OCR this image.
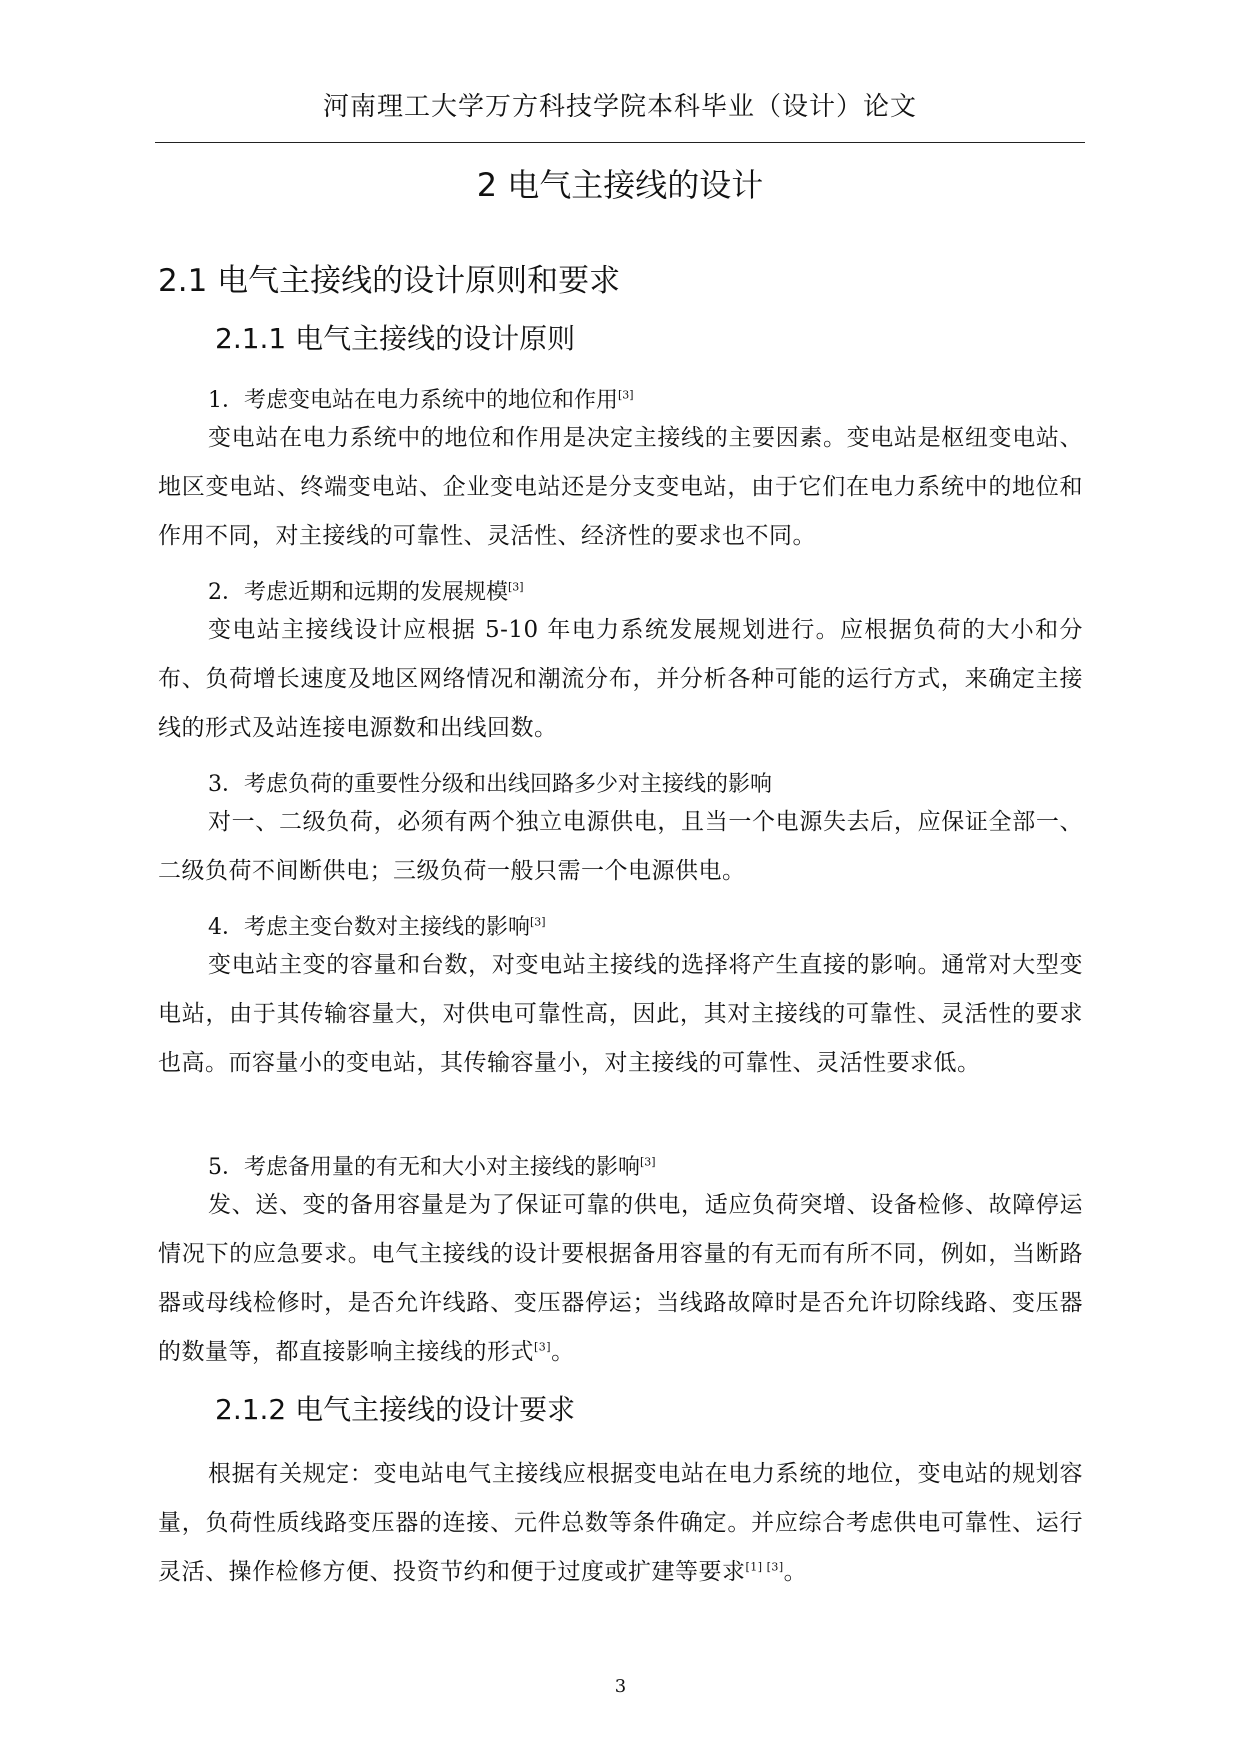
河南理工大学万方科技学院本科毕业（设计）论文
2 电气主接线的设计
2.1 电气主接线的设计原则和要求
2.1.1 电气主接线的设计原则
1．考虑变电站在电力系统中的地位和作用[3]
变电站在电力系统中的地位和作用是决定主接线的主要因素。变电站是枢纽变电站、地区变电站、终端变电站、企业变电站还是分支变电站，由于它们在电力系统中的地位和作用不同，对主接线的可靠性、灵活性、经济性的要求也不同。
2．考虑近期和远期的发展规模[3]
变电站主接线设计应根据 5-10 年电力系统发展规划进行。应根据负荷的大小和分布、负荷增长速度及地区网络情况和潮流分布，并分析各种可能的运行方式，来确定主接线的形式及站连接电源数和出线回数。
3．考虑负荷的重要性分级和出线回路多少对主接线的影响
对一、二级负荷，必须有两个独立电源供电，且当一个电源失去后，应保证全部一、二级负荷不间断供电；三级负荷一般只需一个电源供电。
4．考虑主变台数对主接线的影响[3]
变电站主变的容量和台数，对变电站主接线的选择将产生直接的影响。通常对大型变电站，由于其传输容量大，对供电可靠性高，因此，其对主接线的可靠性、灵活性的要求也高。而容量小的变电站，其传输容量小，对主接线的可靠性、灵活性要求低。
5．考虑备用量的有无和大小对主接线的影响[3]
发、送、变的备用容量是为了保证可靠的供电，适应负荷突增、设备检修、故障停运情况下的应急要求。电气主接线的设计要根据备用容量的有无而有所不同，例如，当断路器或母线检修时，是否允许线路、变压器停运；当线路故障时是否允许切除线路、变压器的数量等，都直接影响主接线的形式[3]。
2.1.2 电气主接线的设计要求
根据有关规定：变电站电气主接线应根据变电站在电力系统的地位，变电站的规划容量，负荷性质线路变压器的连接、元件总数等条件确定。并应综合考虑供电可靠性、运行灵活、操作检修方便、投资节约和便于过度或扩建等要求[1] [3]。
3
